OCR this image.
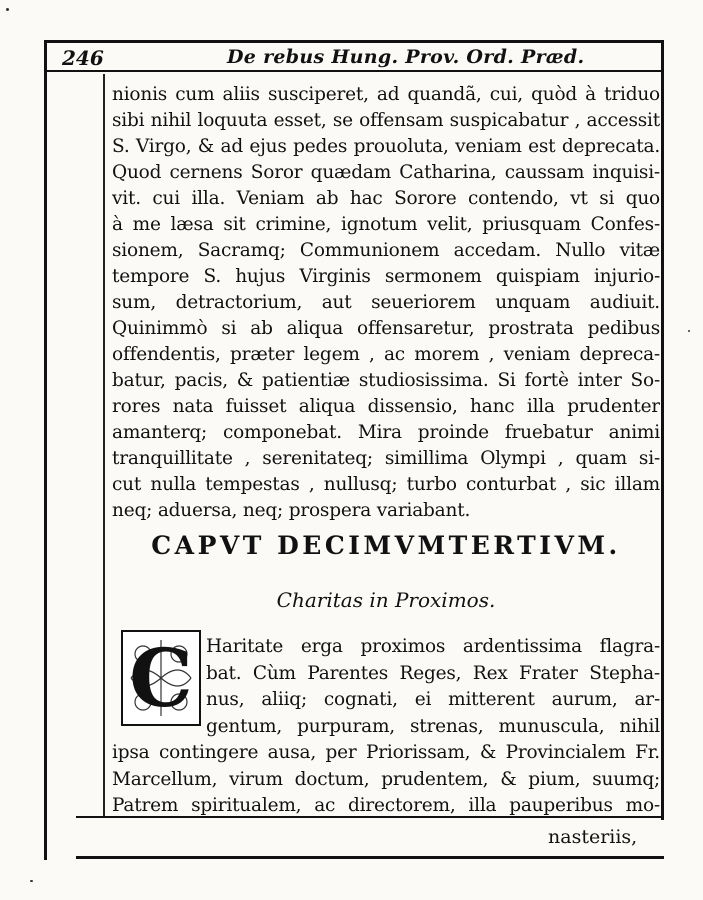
246	De rebus Hung. Prov. Ord. Præd.
nionis cum aliis susciperet, ad quandã, cui, quòd à triduo
sibi nihil loquuta esset, se offensam suspicabatur , accessit
S. Virgo, & ad ejus pedes prouoluta, veniam est deprecata.
Quod cernens Soror quædam Catharina, caussam inquisi-
vit. cui illa. Veniam ab hac Sorore contendo, vt si quo
à me læsa sit crimine, ignotum velit, priusquam Confes-
sionem, Sacramq; Communionem accedam. Nullo vitæ
tempore S. hujus Virginis sermonem quispiam injurio-
sum, detractorium, aut seueriorem unquam audiuit.
Quinimmò si ab aliqua offensaretur, prostrata pedibus
offendentis, præter legem , ac morem , veniam depreca-
batur, pacis, & patientiæ studiosissima. Si fortè inter So-
rores nata fuisset aliqua dissensio, hanc illa prudenter
amanterq; componebat. Mira proinde fruebatur animi
tranquillitate , serenitateq; simillima Olympi , quam si-
cut nulla tempestas , nullusq; turbo conturbat , sic illam
neq; aduersa, neq; prospera variabant.
CAPVT DECIMVMTERTIVM.
Charitas in Proximos.
C Haritate erga proximos ardentissima flagra-
bat. Cùm Parentes Reges, Rex Frater Stepha-
nus, aliiq; cognati, ei mitterent aurum, ar-
gentum, purpuram, strenas, munuscula, nihil
ipsa contingere ausa, per Priorissam, & Provincialem Fr.
Marcellum, virum doctum, prudentem, & pium, suumq;
Patrem spiritualem, ac directorem, illa pauperibus mo-
nasteriis,
